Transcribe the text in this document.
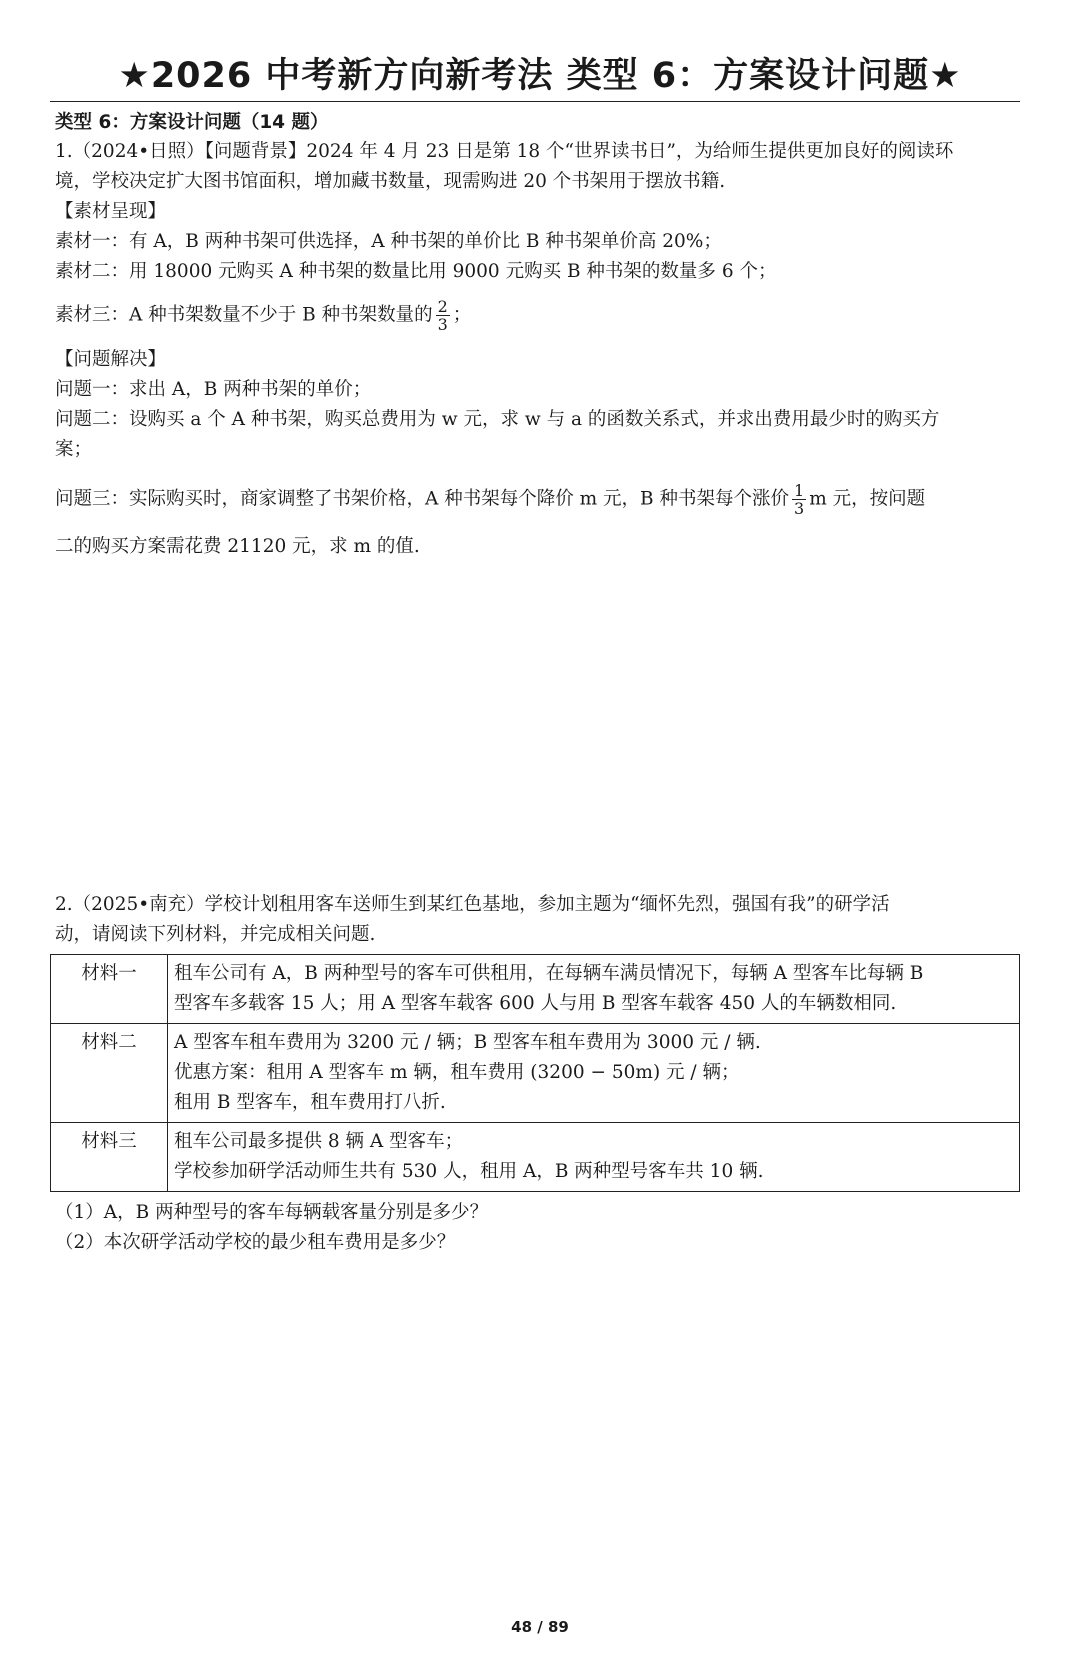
★2026 中考新方向新考法 类型 6：方案设计问题★
类型 6：方案设计问题（14 题）
1.（2024•日照）【问题背景】2024 年 4 月 23 日是第 18 个“世界读书日”，为给师生提供更加良好的阅读环
境，学校决定扩大图书馆面积，增加藏书数量，现需购进 20 个书架用于摆放书籍.
【素材呈现】
素材一：有 A，B 两种书架可供选择，A 种书架的单价比 B 种书架单价高 20%；
素材二：用 18000 元购买 A 种书架的数量比用 9000 元购买 B 种书架的数量多 6 个；
素材三：A 种书架数量不少于 B 种书架数量的 $\frac{2}{3}$ ；
【问题解决】
问题一：求出 A，B 两种书架的单价；
问题二：设购买 a 个 A 种书架，购买总费用为 w 元，求 w 与 a 的函数关系式，并求出费用最少时的购买方
案；
问题三：实际购买时，商家调整了书架价格，A 种书架每个降价 m 元，B 种书架每个涨价 $\frac{1}{3}$ m 元，按问题
二的购买方案需花费 21120 元，求 m 的值.
2.（2025•南充）学校计划租用客车送师生到某红色基地，参加主题为“缅怀先烈，强国有我”的研学活
动，请阅读下列材料，并完成相关问题.
材料一	租车公司有 A，B 两种型号的客车可供租用，在每辆车满员情况下，每辆 A 型客车比每辆 B
型客车多载客 15 人；用 A 型客车载客 600 人与用 B 型客车载客 450 人的车辆数相同.

材料二	A 型客车租车费用为 3200 元 / 辆；B 型客车租车费用为 3000 元 / 辆.
优惠方案：租用 A 型客车 m 辆，租车费用 (3200 − 50m) 元 / 辆；
租用 B 型客车，租车费用打八折.

材料三	租车公司最多提供 8 辆 A 型客车；
学校参加研学活动师生共有 530 人，租用 A，B 两种型号客车共 10 辆.
（1）A，B 两种型号的客车每辆载客量分别是多少？
（2）本次研学活动学校的最少租车费用是多少？
48 / 89
